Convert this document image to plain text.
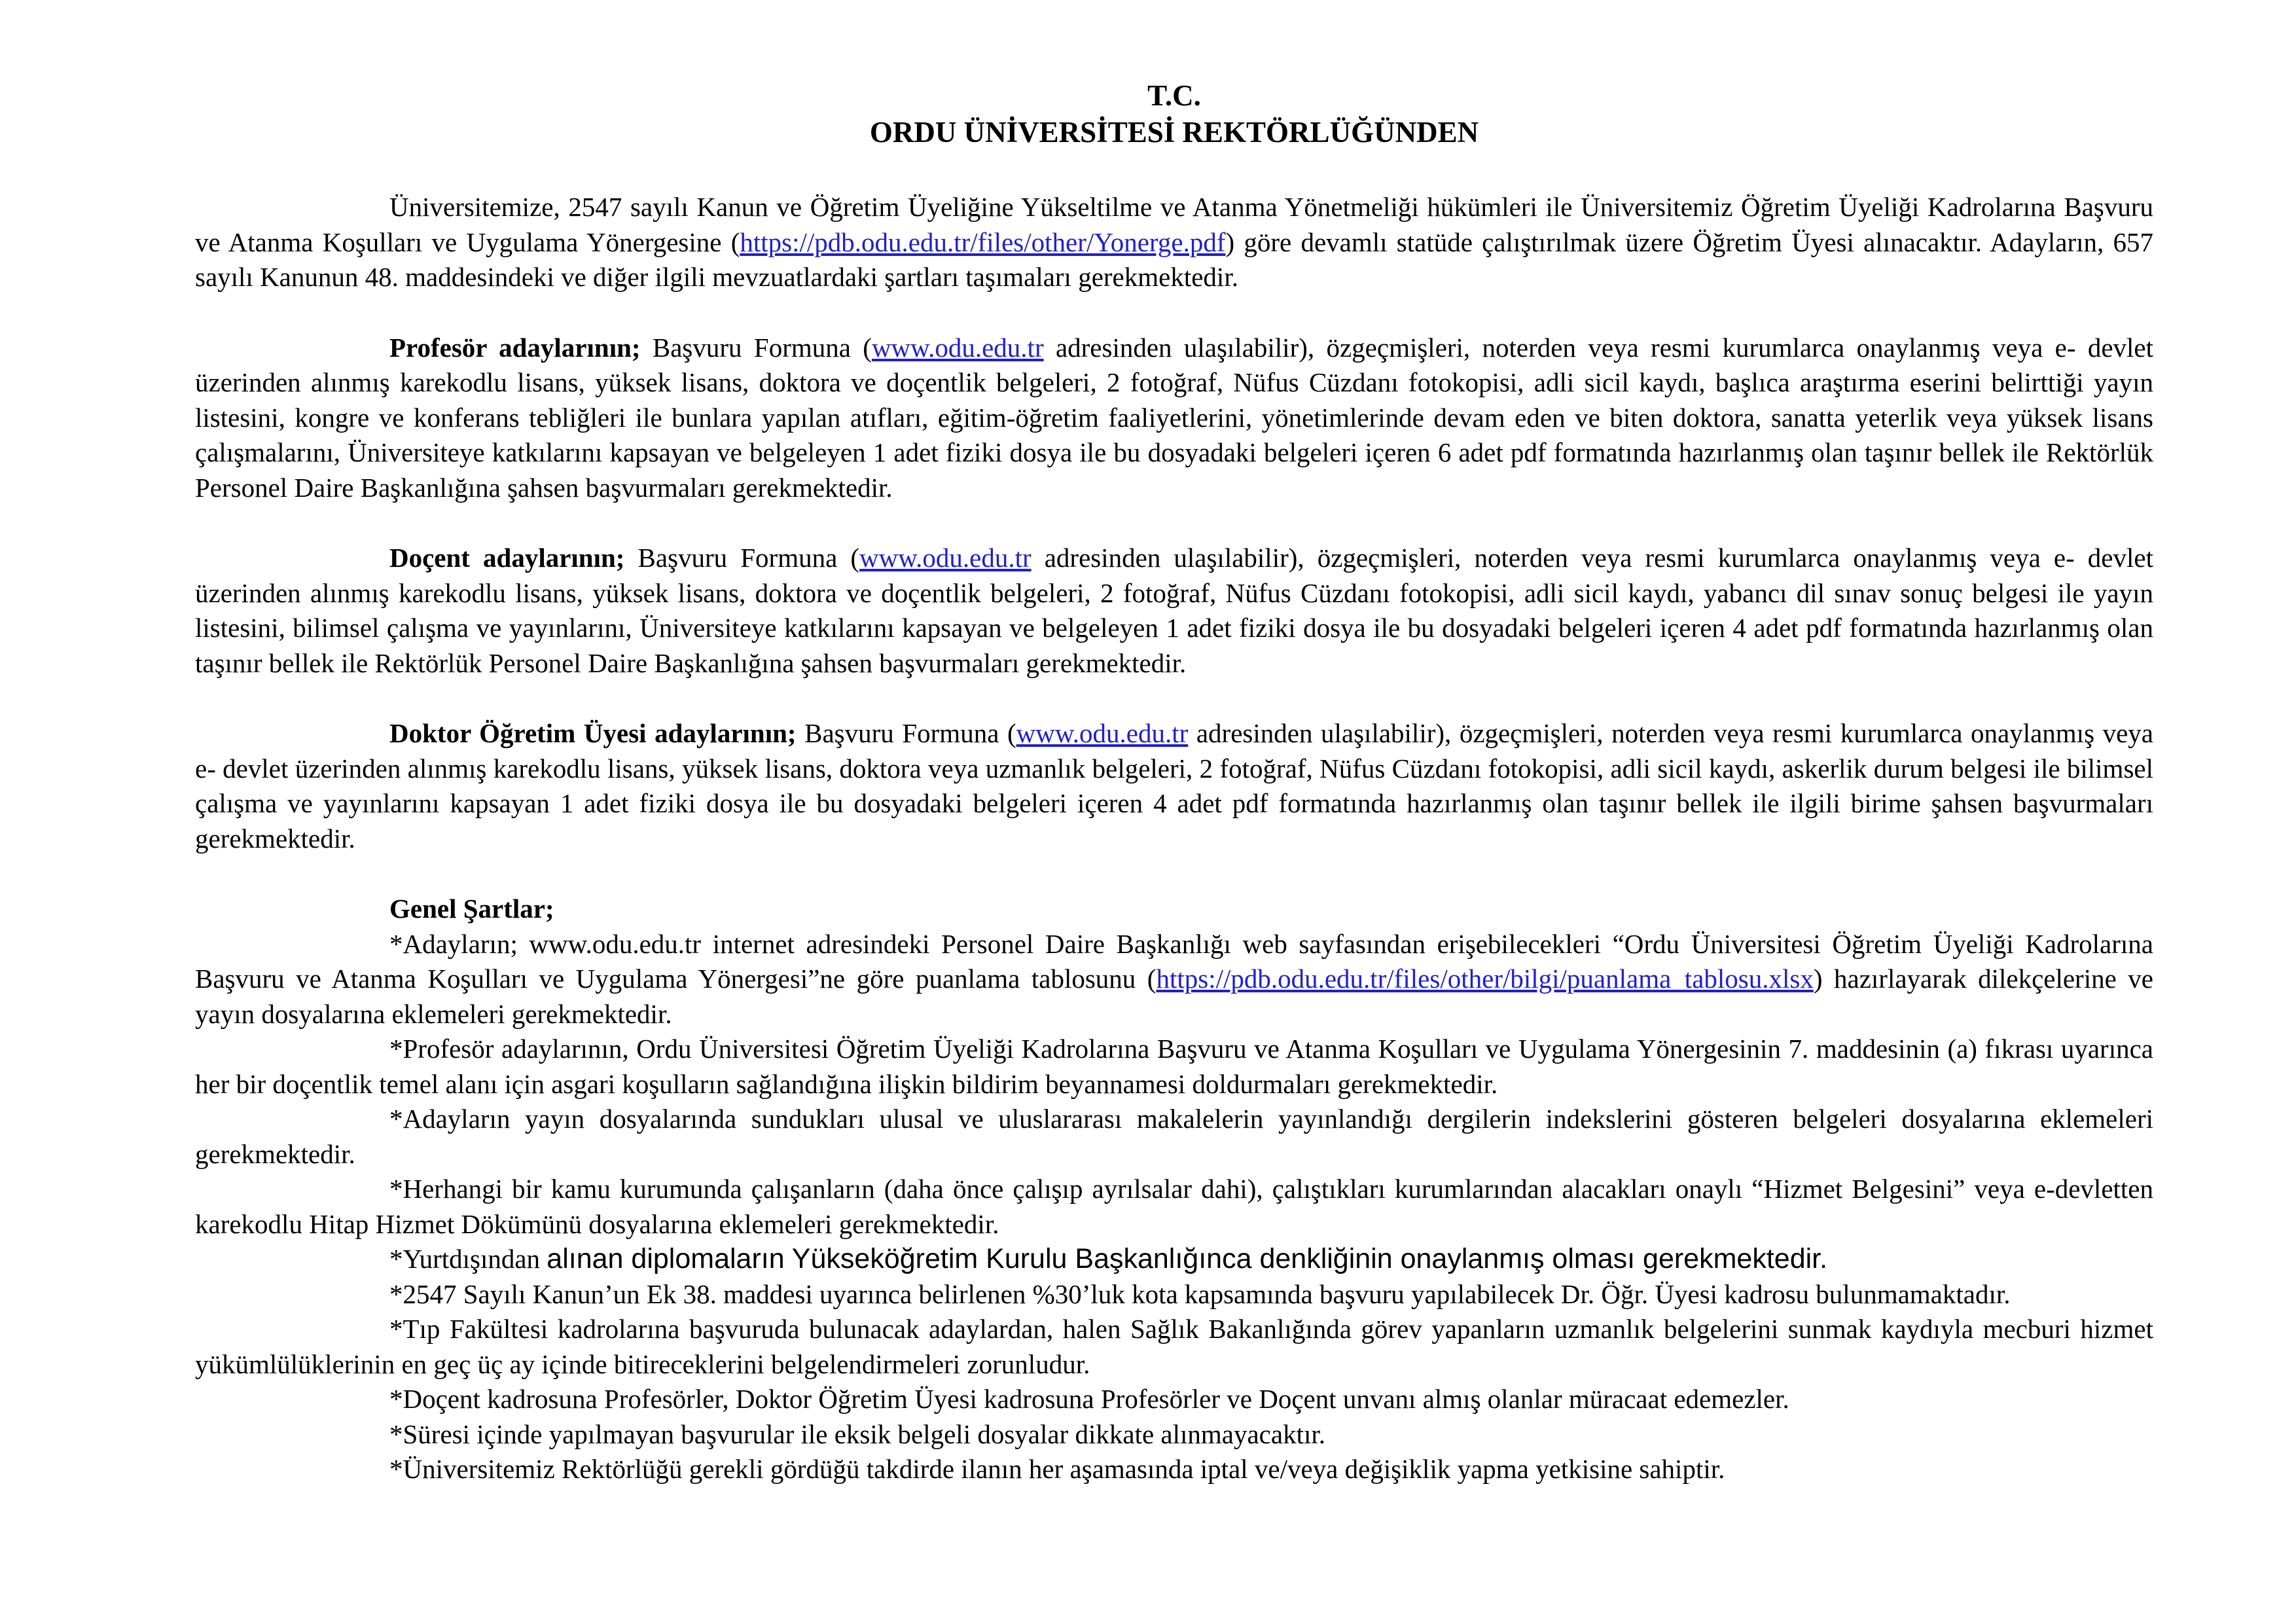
T.C.
ORDU ÜNİVERSİTESİ REKTÖRLÜĞÜNDEN

Üniversitemize, 2547 sayılı Kanun ve Öğretim Üyeliğine Yükseltilme ve Atanma Yönetmeliği hükümleri ile Üniversitemiz Öğretim Üyeliği Kadrolarına Başvuru ve Atanma Koşulları ve Uygulama Yönergesine (https://pdb.odu.edu.tr/files/other/Yonerge.pdf) göre devamlı statüde çalıştırılmak üzere Öğretim Üyesi alınacaktır. Adayların, 657 sayılı Kanunun 48. maddesindeki ve diğer ilgili mevzuatlardaki şartları taşımaları gerekmektedir.

Profesör adaylarının; Başvuru Formuna (www.odu.edu.tr adresinden ulaşılabilir), özgeçmişleri, noterden veya resmi kurumlarca onaylanmış veya e- devlet üzerinden alınmış karekodlu lisans, yüksek lisans, doktora ve doçentlik belgeleri, 2 fotoğraf, Nüfus Cüzdanı fotokopisi, adli sicil kaydı, başlıca araştırma eserini belirttiği yayın listesini, kongre ve konferans tebliğleri ile bunlara yapılan atıfları, eğitim-öğretim faaliyetlerini, yönetimlerinde devam eden ve biten doktora, sanatta yeterlik veya yüksek lisans çalışmalarını, Üniversiteye katkılarını kapsayan ve belgeleyen 1 adet fiziki dosya ile bu dosyadaki belgeleri içeren 6 adet pdf formatında hazırlanmış olan taşınır bellek ile Rektörlük Personel Daire Başkanlığına şahsen başvurmaları gerekmektedir.

Doçent adaylarının; Başvuru Formuna (www.odu.edu.tr adresinden ulaşılabilir), özgeçmişleri, noterden veya resmi kurumlarca onaylanmış veya e- devlet üzerinden alınmış karekodlu lisans, yüksek lisans, doktora ve doçentlik belgeleri, 2 fotoğraf, Nüfus Cüzdanı fotokopisi, adli sicil kaydı, yabancı dil sınav sonuç belgesi ile yayın listesini, bilimsel çalışma ve yayınlarını, Üniversiteye katkılarını kapsayan ve belgeleyen 1 adet fiziki dosya ile bu dosyadaki belgeleri içeren 4 adet pdf formatında hazırlanmış olan taşınır bellek ile Rektörlük Personel Daire Başkanlığına şahsen başvurmaları gerekmektedir.

Doktor Öğretim Üyesi adaylarının; Başvuru Formuna (www.odu.edu.tr adresinden ulaşılabilir), özgeçmişleri, noterden veya resmi kurumlarca onaylanmış veya e- devlet üzerinden alınmış karekodlu lisans, yüksek lisans, doktora veya uzmanlık belgeleri, 2 fotoğraf, Nüfus Cüzdanı fotokopisi, adli sicil kaydı, askerlik durum belgesi ile bilimsel çalışma ve yayınlarını kapsayan 1 adet fiziki dosya ile bu dosyadaki belgeleri içeren 4 adet pdf formatında hazırlanmış olan taşınır bellek ile ilgili birime şahsen başvurmaları gerekmektedir.

Genel Şartlar;

*Adayların; www.odu.edu.tr internet adresindeki Personel Daire Başkanlığı web sayfasından erişebilecekleri “Ordu Üniversitesi Öğretim Üyeliği Kadrolarına Başvuru ve Atanma Koşulları ve Uygulama Yönergesi”ne göre puanlama tablosunu (https://pdb.odu.edu.tr/files/other/bilgi/puanlama_tablosu.xlsx) hazırlayarak dilekçelerine ve yayın dosyalarına eklemeleri gerekmektedir.

*Profesör adaylarının, Ordu Üniversitesi Öğretim Üyeliği Kadrolarına Başvuru ve Atanma Koşulları ve Uygulama Yönergesinin 7. maddesinin (a) fıkrası uyarınca her bir doçentlik temel alanı için asgari koşulların sağlandığına ilişkin bildirim beyannamesi doldurmaları gerekmektedir.

*Adayların yayın dosyalarında sundukları ulusal ve uluslararası makalelerin yayınlandığı dergilerin indekslerini gösteren belgeleri dosyalarına eklemeleri gerekmektedir.

*Herhangi bir kamu kurumunda çalışanların (daha önce çalışıp ayrılsalar dahi), çalıştıkları kurumlarından alacakları onaylı “Hizmet Belgesini” veya e-devletten karekodlu Hitap Hizmet Dökümünü dosyalarına eklemeleri gerekmektedir.

*Yurtdışından alınan diplomaların Yükseköğretim Kurulu Başkanlığınca denkliğinin onaylanmış olması gerekmektedir.

*2547 Sayılı Kanun’un Ek 38. maddesi uyarınca belirlenen %30’luk kota kapsamında başvuru yapılabilecek Dr. Öğr. Üyesi kadrosu bulunmamaktadır.

*Tıp Fakültesi kadrolarına başvuruda bulunacak adaylardan, halen Sağlık Bakanlığında görev yapanların uzmanlık belgelerini sunmak kaydıyla mecburi hizmet yükümlülüklerinin en geç üç ay içinde bitireceklerini belgelendirmeleri zorunludur.

*Doçent kadrosuna Profesörler, Doktor Öğretim Üyesi kadrosuna Profesörler ve Doçent unvanı almış olanlar müracaat edemezler.

*Süresi içinde yapılmayan başvurular ile eksik belgeli dosyalar dikkate alınmayacaktır.

*Üniversitemiz Rektörlüğü gerekli gördüğü takdirde ilanın her aşamasında iptal ve/veya değişiklik yapma yetkisine sahiptir.
